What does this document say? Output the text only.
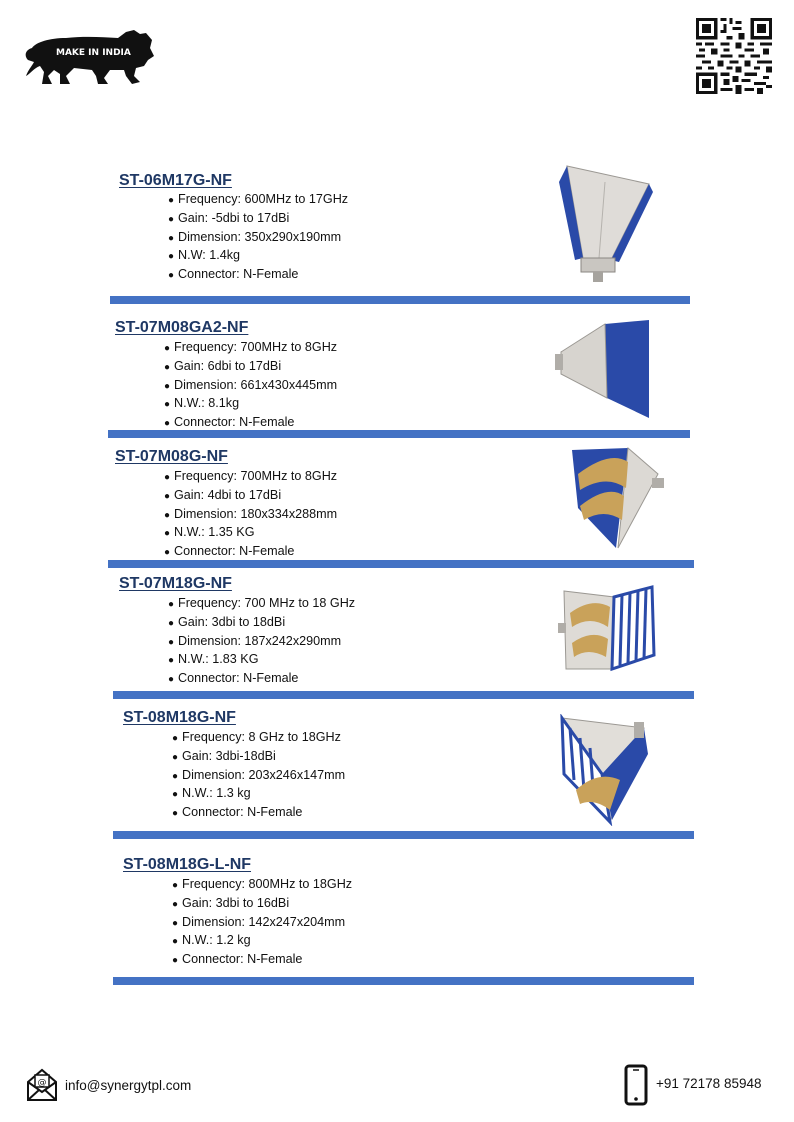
MAKE IN INDIA
ST-06M17G-NF
● Frequency: 600MHz to 17GHz
● Gain: -5dbi to 17dBi
● Dimension: 350x290x190mm
● N.W: 1.4kg
● Connector: N-Female
ST-07M08GA2-NF
● Frequency: 700MHz to 8GHz
● Gain: 6dbi to 17dBi
● Dimension: 661x430x445mm
● N.W.: 8.1kg
● Connector: N-Female
ST-07M08G-NF
● Frequency: 700MHz to 8GHz
● Gain: 4dbi to 17dBi
● Dimension: 180x334x288mm
● N.W.: 1.35 KG
● Connector: N-Female
ST-07M18G-NF
● Frequency: 700 MHz to 18 GHz
● Gain: 3dbi to 18dBi
● Dimension: 187x242x290mm
● N.W.: 1.83 KG
● Connector: N-Female
ST-08M18G-NF
● Frequency: 8 GHz to 18GHz
● Gain: 3dbi-18dBi
● Dimension: 203x246x147mm
● N.W.: 1.3 kg
● Connector: N-Female
ST-08M18G-L-NF
● Frequency: 800MHz to 18GHz
● Gain: 3dbi to 16dBi
● Dimension: 142x247x204mm
● N.W.: 1.2 kg
● Connector: N-Female
@ info@synergytpl.com	+91 72178 85948
